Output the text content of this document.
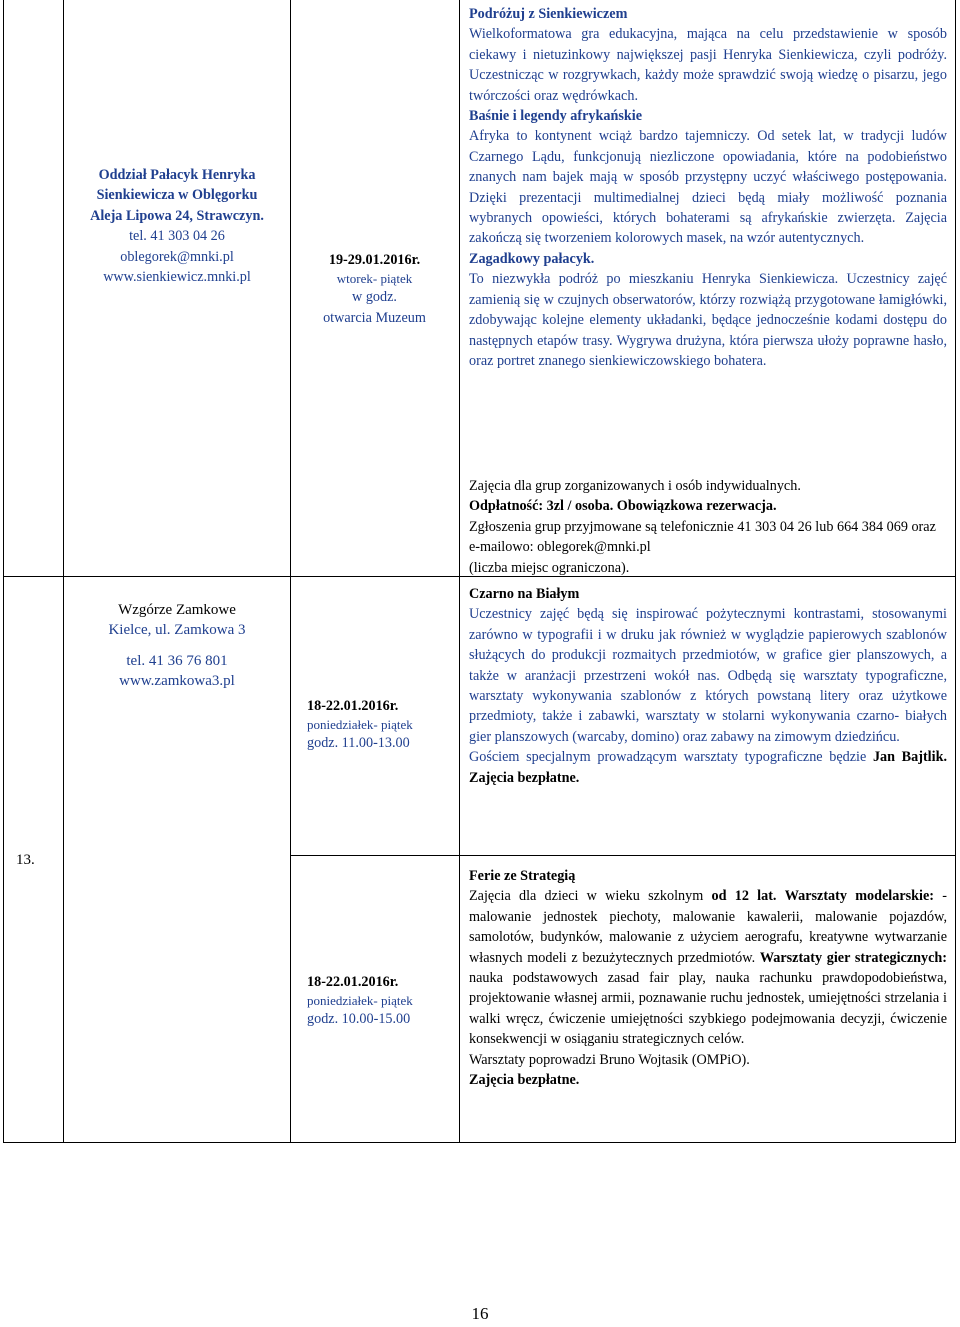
Oddział Pałacyk Henryka
Sienkiewicza w Oblęgorku
Aleja Lipowa 24, Strawczyn.
tel. 41 303 04 26
oblegorek@mnki.pl
www.sienkiewicz.mnki.pl
19-29.01.2016r.
wtorek- piątek
w godz.
otwarcia Muzeum

Podróżuj z Sienkiewiczem

Wielkoformatowa gra edukacyjna, mająca na celu przedstawienie w sposób ciekawy i nietuzinkowy największej pasji Henryka Sienkiewicza, czyli podróży. Uczestnicząc w rozgrywkach, każdy może sprawdzić swoją wiedzę o pisarzu, jego twórczości oraz wędrówkach.

Baśnie i legendy afrykańskie

Afryka to kontynent wciąż bardzo tajemniczy. Od setek lat, w tradycji ludów Czarnego Lądu, funkcjonują niezliczone opowiadania, które na podobieństwo znanych nam bajek mają w sposób przystępny uczyć właściwego postępowania. Dzięki prezentacji multimedialnej dzieci będą miały możliwość poznania wybranych opowieści, których bohaterami są afrykańskie zwierzęta. Zajęcia zakończą się tworzeniem kolorowych masek, na wzór autentycznych.

Zagadkowy pałacyk.

To niezwykła podróż po mieszkaniu Henryka Sienkiewicza. Uczestnicy zajęć zamienią się w czujnych obserwatorów, którzy rozwiążą przygotowane łamigłówki, zdobywając kolejne elementy układanki, będące jednocześnie kodami dostępu do następnych etapów trasy. Wygrywa drużyna, która pierwsza ułoży poprawne hasło, oraz portret znanego sienkiewiczowskiego bohatera.

Zajęcia dla grup zorganizowanych i osób indywidualnych.

Odpłatność: 3zl / osoba. Obowiązkowa rezerwacja.

Zgłoszenia grup przyjmowane są telefonicznie 41 303 04 26 lub 664 384 069 oraz e-mailowo: oblegorek@mnki.pl

(liczba miejsc ograniczona).

13.
Wzgórze Zamkowe
Kielce, ul. Zamkowa 3
tel. 41 36 76 801
www.zamkowa3.pl
18-22.01.2016r.
poniedziałek- piątek
godz. 11.00-13.00

Czarno na Białym

Uczestnicy zajęć będą się inspirować pożytecznymi kontrastami, stosowanymi zarówno w typografii i w druku jak również w wyglądzie papierowych szablonów służących do produkcji rozmaitych przedmiotów, w grafice gier planszowych, a także w aranżacji przestrzeni wokół nas. Odbędą się warsztaty typograficzne, warsztaty wykonywania szablonów z których powstaną litery oraz użytkowe przedmioty, także i zabawki, warsztaty w stolarni wykonywania czarno- białych gier planszowych (warcaby, domino) oraz zabawy na zimowym dziedzińcu.

Gościem specjalnym prowadzącym warsztaty typograficzne będzie Jan Bajtlik. Zajęcia bezpłatne.

18-22.01.2016r.
poniedziałek- piątek
godz. 10.00-15.00

Ferie ze Strategią

Zajęcia dla dzieci w wieku szkolnym od 12 lat. Warsztaty modelarskie: - malowanie jednostek piechoty, malowanie kawalerii, malowanie pojazdów, samolotów, budynków, malowanie z użyciem aerografu, kreatywne wytwarzanie własnych modeli z bezużytecznych przedmiotów. Warsztaty gier strategicznych: nauka podstawowych zasad fair play, nauka rachunku prawdopodobieństwa, projektowanie własnej armii, poznawanie ruchu jednostek, umiejętności strzelania i walki wręcz, ćwiczenie umiejętności szybkiego podejmowania decyzji, ćwiczenie konsekwencji w osiąganiu strategicznych celów.

Warsztaty poprowadzi Bruno Wojtasik (OMPiO).

Zajęcia bezpłatne.

16
